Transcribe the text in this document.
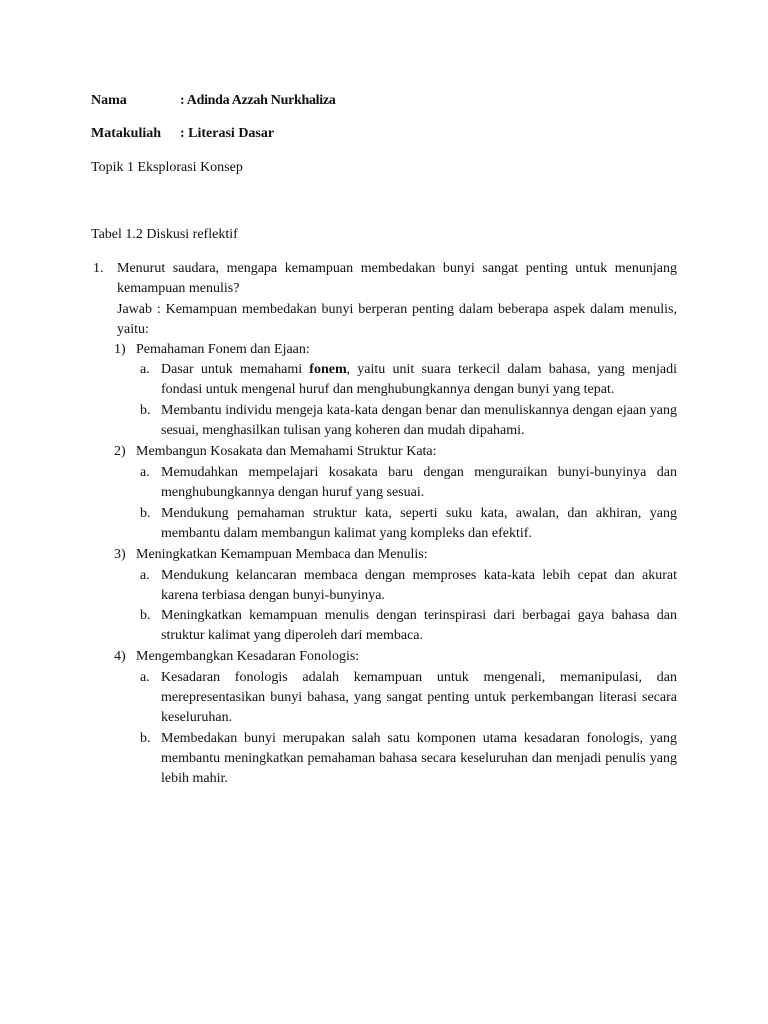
Nama	: Adinda Azzah Nurkhaliza
Matakuliah : Literasi Dasar
Topik 1 Eksplorasi Konsep
Tabel 1.2 Diskusi reflektif
1. Menurut saudara, mengapa kemampuan membedakan bunyi sangat penting untuk menunjang kemampuan menulis?
Jawab : Kemampuan membedakan bunyi berperan penting dalam beberapa aspek dalam menulis, yaitu:
1) Pemahaman Fonem dan Ejaan:
a. Dasar untuk memahami fonem, yaitu unit suara terkecil dalam bahasa, yang menjadi fondasi untuk mengenal huruf dan menghubungkannya dengan bunyi yang tepat.
b. Membantu individu mengeja kata-kata dengan benar dan menuliskannya dengan ejaan yang sesuai, menghasilkan tulisan yang koheren dan mudah dipahami.
2) Membangun Kosakata dan Memahami Struktur Kata:
a. Memudahkan mempelajari kosakata baru dengan menguraikan bunyi-bunyinya dan menghubungkannya dengan huruf yang sesuai.
b. Mendukung pemahaman struktur kata, seperti suku kata, awalan, dan akhiran, yang membantu dalam membangun kalimat yang kompleks dan efektif.
3) Meningkatkan Kemampuan Membaca dan Menulis:
a. Mendukung kelancaran membaca dengan memproses kata-kata lebih cepat dan akurat karena terbiasa dengan bunyi-bunyinya.
b. Meningkatkan kemampuan menulis dengan terinspirasi dari berbagai gaya bahasa dan struktur kalimat yang diperoleh dari membaca.
4) Mengembangkan Kesadaran Fonologis:
a. Kesadaran fonologis adalah kemampuan untuk mengenali, memanipulasi, dan merepresentasikan bunyi bahasa, yang sangat penting untuk perkembangan literasi secara keseluruhan.
b. Membedakan bunyi merupakan salah satu komponen utama kesadaran fonologis, yang membantu meningkatkan pemahaman bahasa secara keseluruhan dan menjadi penulis yang lebih mahir.
